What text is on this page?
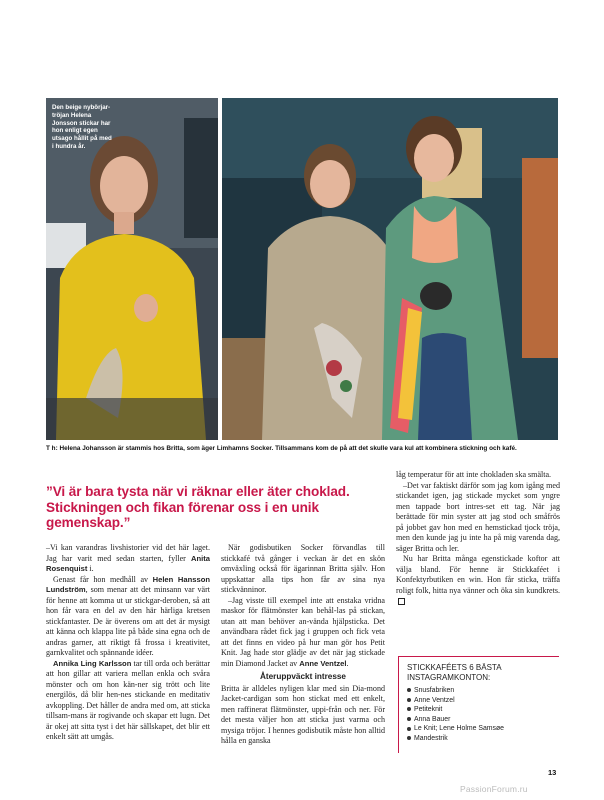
Den beige nybörjar-tröjan Helena Jonsson stickar har hon enligt egen utsago hållit på med i hundra år.
T h: Helena Johansson är stammis hos Britta, som äger Limhamns Socker. Tillsammans kom de på att det skulle vara kul att kombinera stickning och kafé.
”Vi är bara tysta när vi räknar eller äter choklad. Stickningen och fikan förenar oss i en unik gemenskap.”

–Vi kan varandras livshistorier vid det här laget. Jag har varit med sedan starten, fyller Anita Rosenquist i.

Genast får hon medhåll av Helen Hansson Lundström, som menar att det minsann var värt för henne att komma ut ur stickgar-deroben, så att hon får vara en del av den här härliga kretsen stickfantaster. De är överens om att det är mysigt att känna och klappa lite på både sina egna och de andras garner, att riktigt få frossa i kreativitet, garnkvalitet och spännande idéer.

Annika Ling Karlsson tar till orda och berättar att hon gillar att variera mellan enkla och svåra mönster och om hon kän-ner sig trött och lite energilös, då blir hen-nes stickande en meditativ avkoppling. Det håller de andra med om, att sticka tillsam-mans är rogivande och skapar ett lugn. Det är okej att sitta tyst i det här sällskapet, det blir ett enkelt sätt att umgås.

När godisbutiken Socker förvandlas till stickkafé två gånger i veckan är det en skön omväxling också för ägarinnan Britta själv. Hon uppskattar alla tips hon får av sina nya stickvänninor.

–Jag visste till exempel inte att enstaka vridna maskor för flätmönster kan behål-las på stickan, utan att man behöver an-vända hjälpsticka. Det användbara rådet fick jag i gruppen och fick veta att det finns en video på hur man gör hos Petit Knit. Jag hade stor glädje av det när jag stickade min Diamond Jacket av Anne Ventzel.

Återuppväckt intresse

Britta är alldeles nyligen klar med sin Dia-mond Jacket-cardigan som hon stickat med ett enkelt, men raffinerat flätmönster, uppi-från och ner. För det mesta väljer hon att sticka just varma och mysiga tröjor. I hennes godisbutik måste hon alltid hålla en ganska

låg temperatur för att inte chokladen ska smälta.

–Det var faktiskt därför som jag kom igång med stickandet igen, jag stickade mycket som yngre men tappade bort intres-set ett tag. När jag berättade för min syster att jag stod och småfrös på jobbet gav hon med en hemstickad tjock tröja, men den kunde jag ju inte ha på mig varenda dag, säger Britta och ler.

Nu har Britta många egenstickade koftor att välja bland. För henne är Stickkaféet i Konfektyrbutiken en win. Hon får sticka, träffa roligt folk, hitta nya vänner och öka sin kundkrets.

STICKKAFÉETS 6 BÄSTA INSTAGRAMKONTON:
Snusfabriken
Anne Ventzel
Petiteknit
Anna Bauer
Le Knit; Lene Holme Samsøe
Mandestrik
13
PassionForum.ru
